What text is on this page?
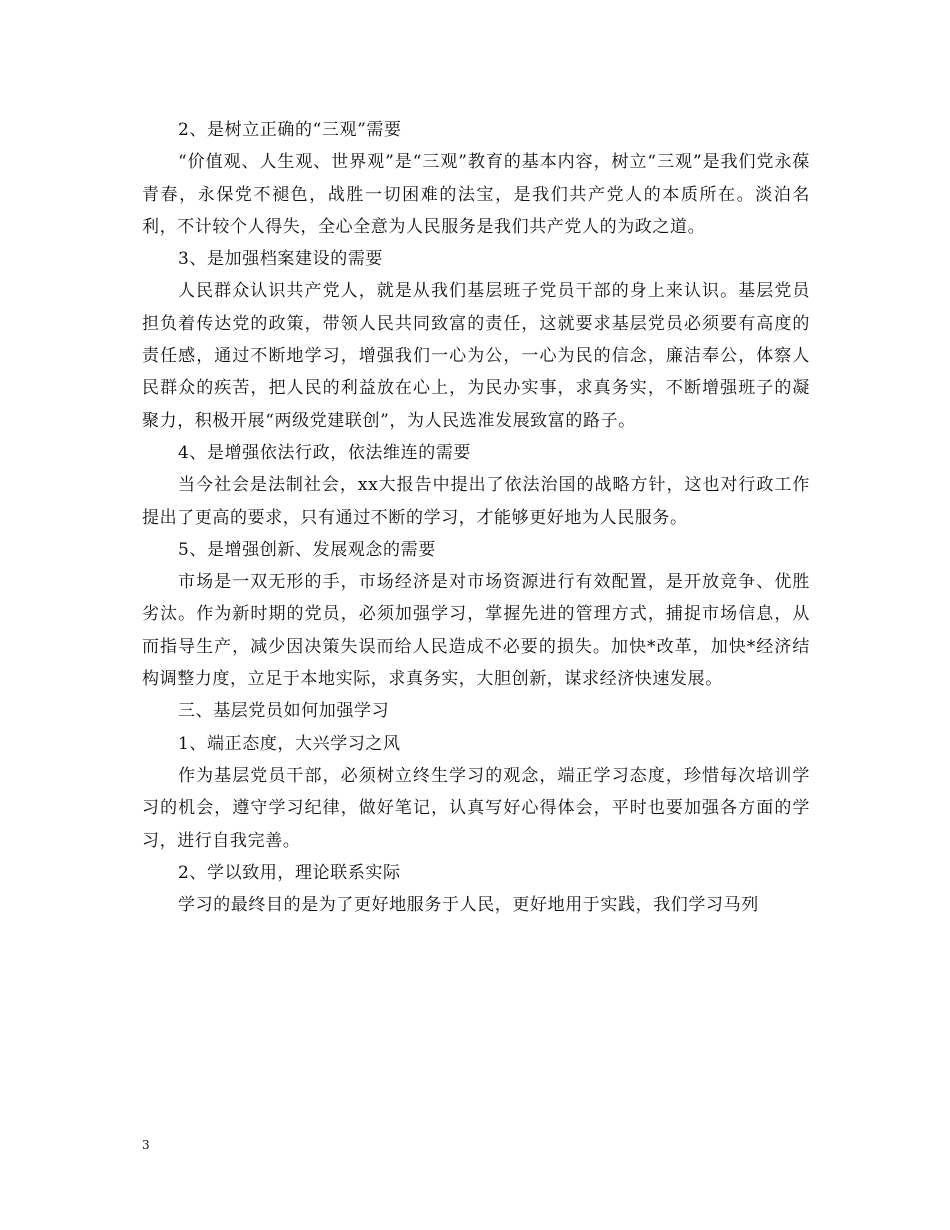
2、是树立正确的“三观”需要

“价值观、人生观、世界观”是“三观”教育的基本内容，树立“三观”是我们党永葆青春，永保党不褪色，战胜一切困难的法宝，是我们共产党人的本质所在。淡泊名利，不计较个人得失，全心全意为人民服务是我们共产党人的为政之道。

3、是加强档案建设的需要

人民群众认识共产党人，就是从我们基层班子党员干部的身上来认识。基层党员担负着传达党的政策，带领人民共同致富的责任，这就要求基层党员必须要有高度的责任感，通过不断地学习，增强我们一心为公，一心为民的信念，廉洁奉公，体察人民群众的疾苦，把人民的利益放在心上，为民办实事，求真务实，不断增强班子的凝聚力，积极开展“两级党建联创”，为人民选准发展致富的路子。

4、是增强依法行政，依法维连的需要

当今社会是法制社会，xx大报告中提出了依法治国的战略方针，这也对行政工作提出了更高的要求，只有通过不断的学习，才能够更好地为人民服务。

5、是增强创新、发展观念的需要

市场是一双无形的手，市场经济是对市场资源进行有效配置，是开放竞争、优胜劣汰。作为新时期的党员，必须加强学习，掌握先进的管理方式，捕捉市场信息，从而指导生产，减少因决策失误而给人民造成不必要的损失。加快*改革，加快*经济结构调整力度，立足于本地实际，求真务实，大胆创新，谋求经济快速发展。

三、基层党员如何加强学习

1、端正态度，大兴学习之风

作为基层党员干部，必须树立终生学习的观念，端正学习态度，珍惜每次培训学习的机会，遵守学习纪律，做好笔记，认真写好心得体会，平时也要加强各方面的学习，进行自我完善。

2、学以致用，理论联系实际

学习的最终目的是为了更好地服务于人民，更好地用于实践，我们学习马列

3
